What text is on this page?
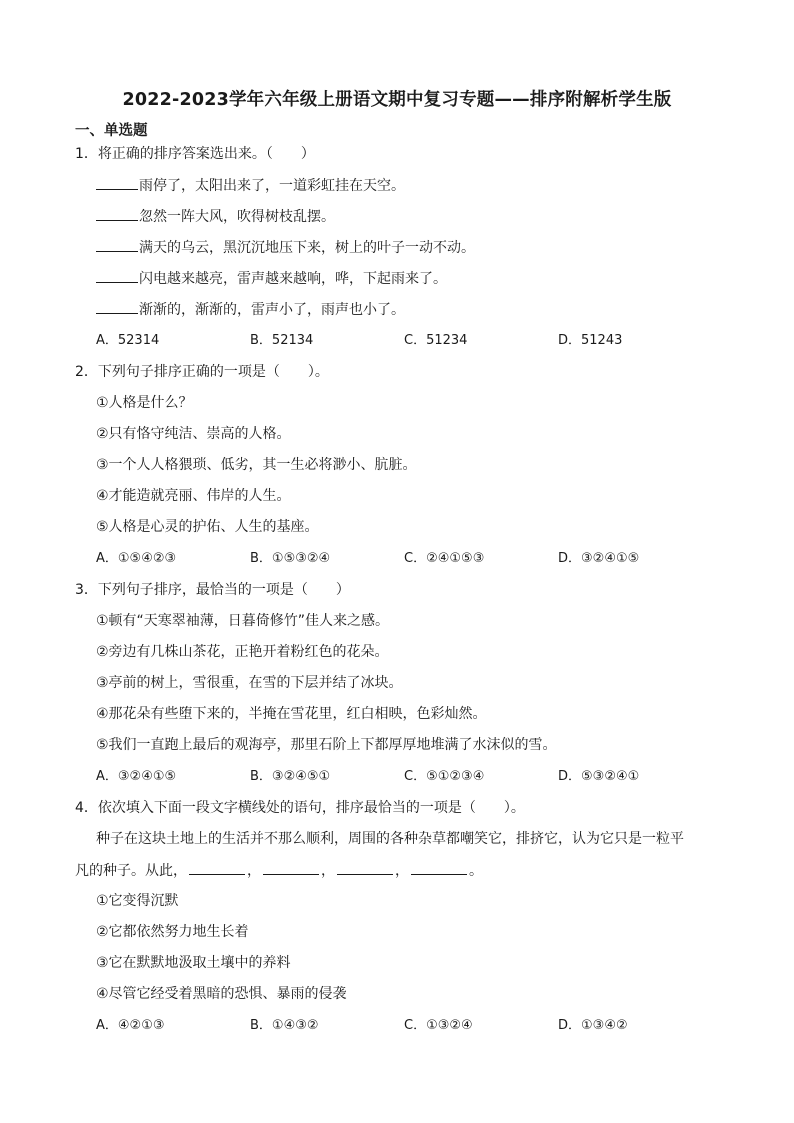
2022-2023学年六年级上册语文期中复习专题——排序附解析学生版
一、单选题
1．将正确的排序答案选出来。（　　）
雨停了，太阳出来了，一道彩虹挂在天空。
忽然一阵大风，吹得树枝乱摆。
满天的乌云，黑沉沉地压下来，树上的叶子一动不动。
闪电越来越亮，雷声越来越响，哗，下起雨来了。
渐渐的，渐渐的，雷声小了，雨声也小了。
A．52314	B．52134	C．51234	D．51243
2．下列句子排序正确的一项是（　　）。
①人格是什么？
②只有恪守纯洁、崇高的人格。
③一个人人格猥琐、低劣，其一生必将渺小、肮脏。
④才能造就亮丽、伟岸的人生。
⑤人格是心灵的护佑、人生的基座。
A．①⑤④②③	B．①⑤③②④	C．②④①⑤③	D．③②④①⑤
3．下列句子排序，最恰当的一项是（　　）
①顿有“天寒翠袖薄，日暮倚修竹”佳人来之感。
②旁边有几株山茶花，正艳开着粉红色的花朵。
③亭前的树上，雪很重，在雪的下层并结了冰块。
④那花朵有些堕下来的，半掩在雪花里，红白相映，色彩灿然。
⑤我们一直跑上最后的观海亭，那里石阶上下都厚厚地堆满了水沫似的雪。
A．③②④①⑤	B．③②④⑤①	C．⑤①②③④	D．⑤③②④①
4．依次填入下面一段文字横线处的语句，排序最恰当的一项是（　　）。
种子在这块土地上的生活并不那么顺利，周围的各种杂草都嘲笑它，排挤它，认为它只是一粒平
凡的种子。从此，	，	，	，	。
①它变得沉默
②它都依然努力地生长着
③它在默默地汲取土壤中的养料
④尽管它经受着黑暗的恐惧、暴雨的侵袭
A．④②①③	B．①④③②	C．①③②④	D．①③④②
